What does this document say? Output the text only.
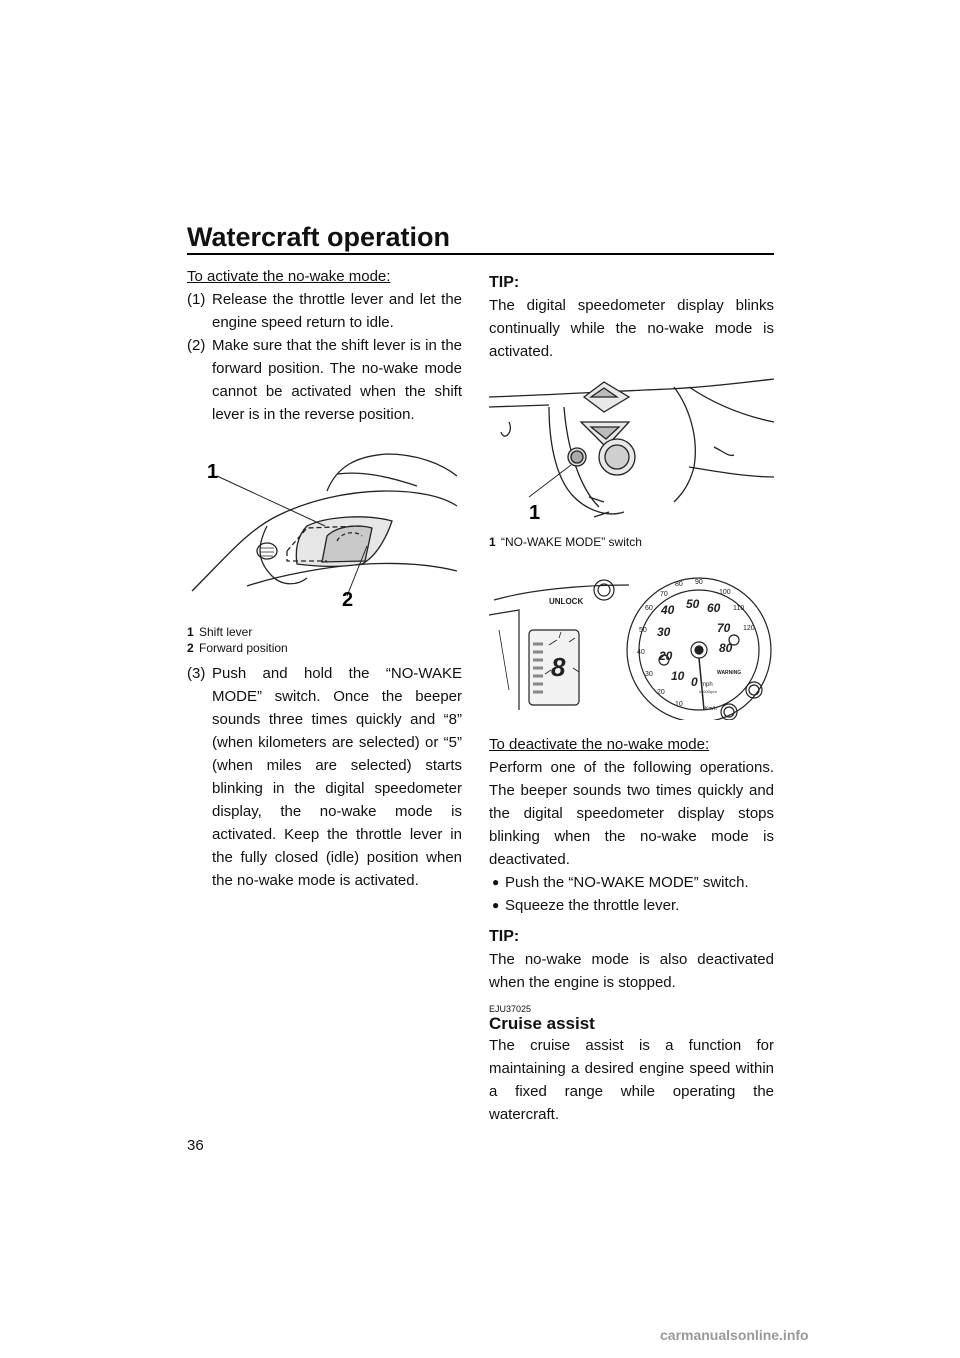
Watercraft operation
To activate the no-wake mode:
(1) Release the throttle lever and let the engine speed return to idle.
(2) Make sure that the shift lever is in the forward position. The no-wake mode cannot be activated when the shift lever is in the reverse position.
1
2
1 Shift lever
2 Forward position
(3) Push and hold the “NO-WAKE MODE” switch. Once the beeper sounds three times quickly and “8” (when kilometers are selected) or “5” (when miles are selected) starts blinking in the digital speedometer display, the no-wake mode is activated. Keep the throttle lever in the fully closed (idle) position when the no-wake mode is activated.
TIP:
The digital speedometer display blinks continually while the no-wake mode is activated.
1
1 “NO-WAKE MODE” switch
UNLOCK
8
70
80 90
100
110
120
60
50
40
30
20
10
50 60
70
80
40
30
20
10 0
WARNING
mph
x1000rpm
Km/h
To deactivate the no-wake mode:
Perform one of the following operations. The beeper sounds two times quickly and the digital speedometer display stops blinking when the no-wake mode is deactivated.
● Push the “NO-WAKE MODE” switch.
● Squeeze the throttle lever.
TIP:
The no-wake mode is also deactivated when the engine is stopped.
EJU37025
Cruise assist
The cruise assist is a function for maintaining a desired engine speed within a fixed range while operating the watercraft.
36
carmanualsonline.info
